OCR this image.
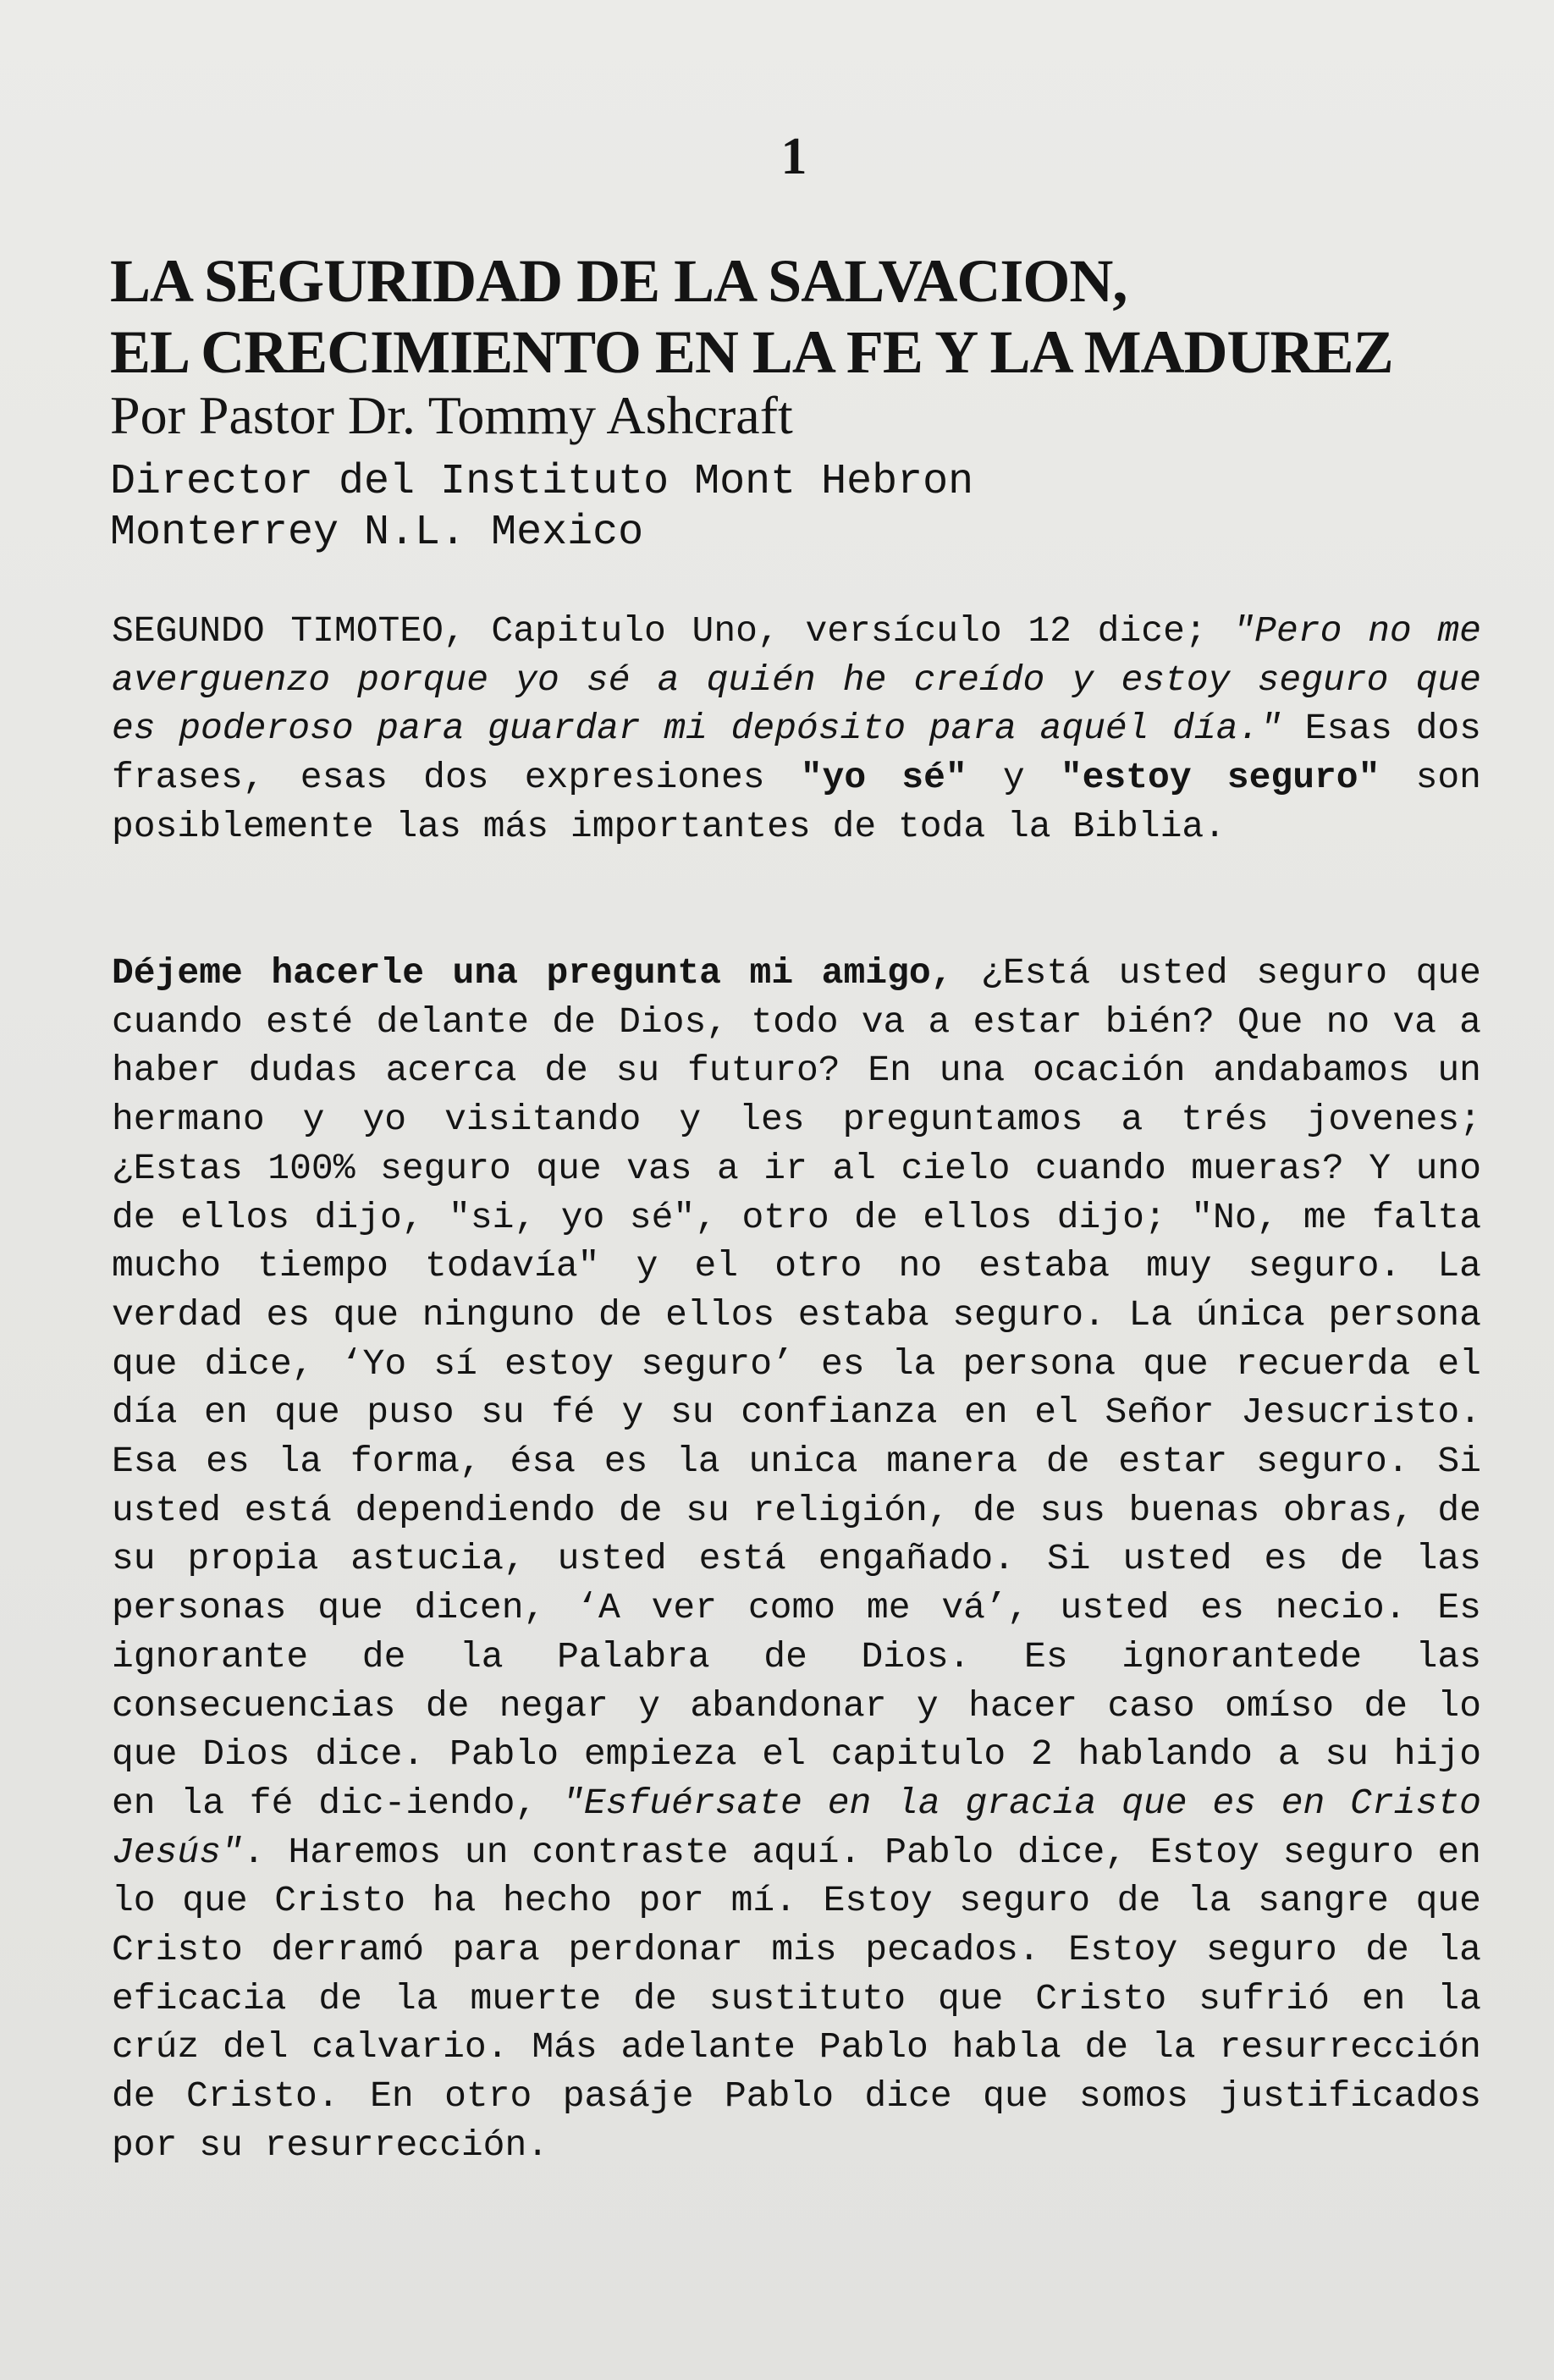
1
LA SEGURIDAD DE LA SALVACION,
EL CRECIMIENTO EN LA FE Y LA MADUREZ

Por Pastor Dr. Tommy Ashcraft

Director del Instituto Mont Hebron
Monterrey N.L. Mexico

SEGUNDO TIMOTEO, Capitulo Uno, versículo 12 dice; "Pero no me averguenzo porque yo sé a quién he creído y estoy seguro que es poderoso para guardar mi depósito para aquél día." Esas dos frases, esas dos expresiones "yo sé" y "estoy seguro" son posiblemente las más importantes de toda la Biblia.

Déjeme hacerle una pregunta mi amigo, ¿Está usted seguro que cuando esté delante de Dios, todo va a estar bién? Que no va a haber dudas acerca de su futuro? En una ocación andabamos un hermano y yo visitando y les preguntamos a trés jovenes; ¿Estas 100% seguro que vas a ir al cielo cuando mueras? Y uno de ellos dijo, "si, yo sé", otro de ellos dijo; "No, me falta mucho tiempo todavía" y el otro no estaba muy seguro. La verdad es que ninguno de ellos estaba seguro. La única persona que dice, ‘Yo sí estoy seguro’ es la persona que recuerda el día en que puso su fé y su confianza en el Señor Jesucristo. Esa es la forma, ésa es la unica manera de estar seguro. Si usted está dependiendo de su religión, de sus buenas obras, de su propia astucia, usted está engañado. Si usted es de las personas que dicen, ‘A ver como me vá’, usted es necio. Es ignorante de la Palabra de Dios. Es ignorantede las consecuencias de negar y abandonar y hacer caso omíso de lo que Dios dice. Pablo empieza el capitulo 2 hablando a su hijo en la fé dic-iendo, "Esfuérsate en la gracia que es en Cristo Jesús". Haremos un contraste aquí. Pablo dice, Estoy seguro en lo que Cristo ha hecho por mí. Estoy seguro de la sangre que Cristo derramó para perdonar mis pecados. Estoy seguro de la eficacia de la muerte de sustituto que Cristo sufrió en la crúz del calvario. Más adelante Pablo habla de la resurrección de Cristo. En otro pasáje Pablo dice que somos justificados por su resurrección.
